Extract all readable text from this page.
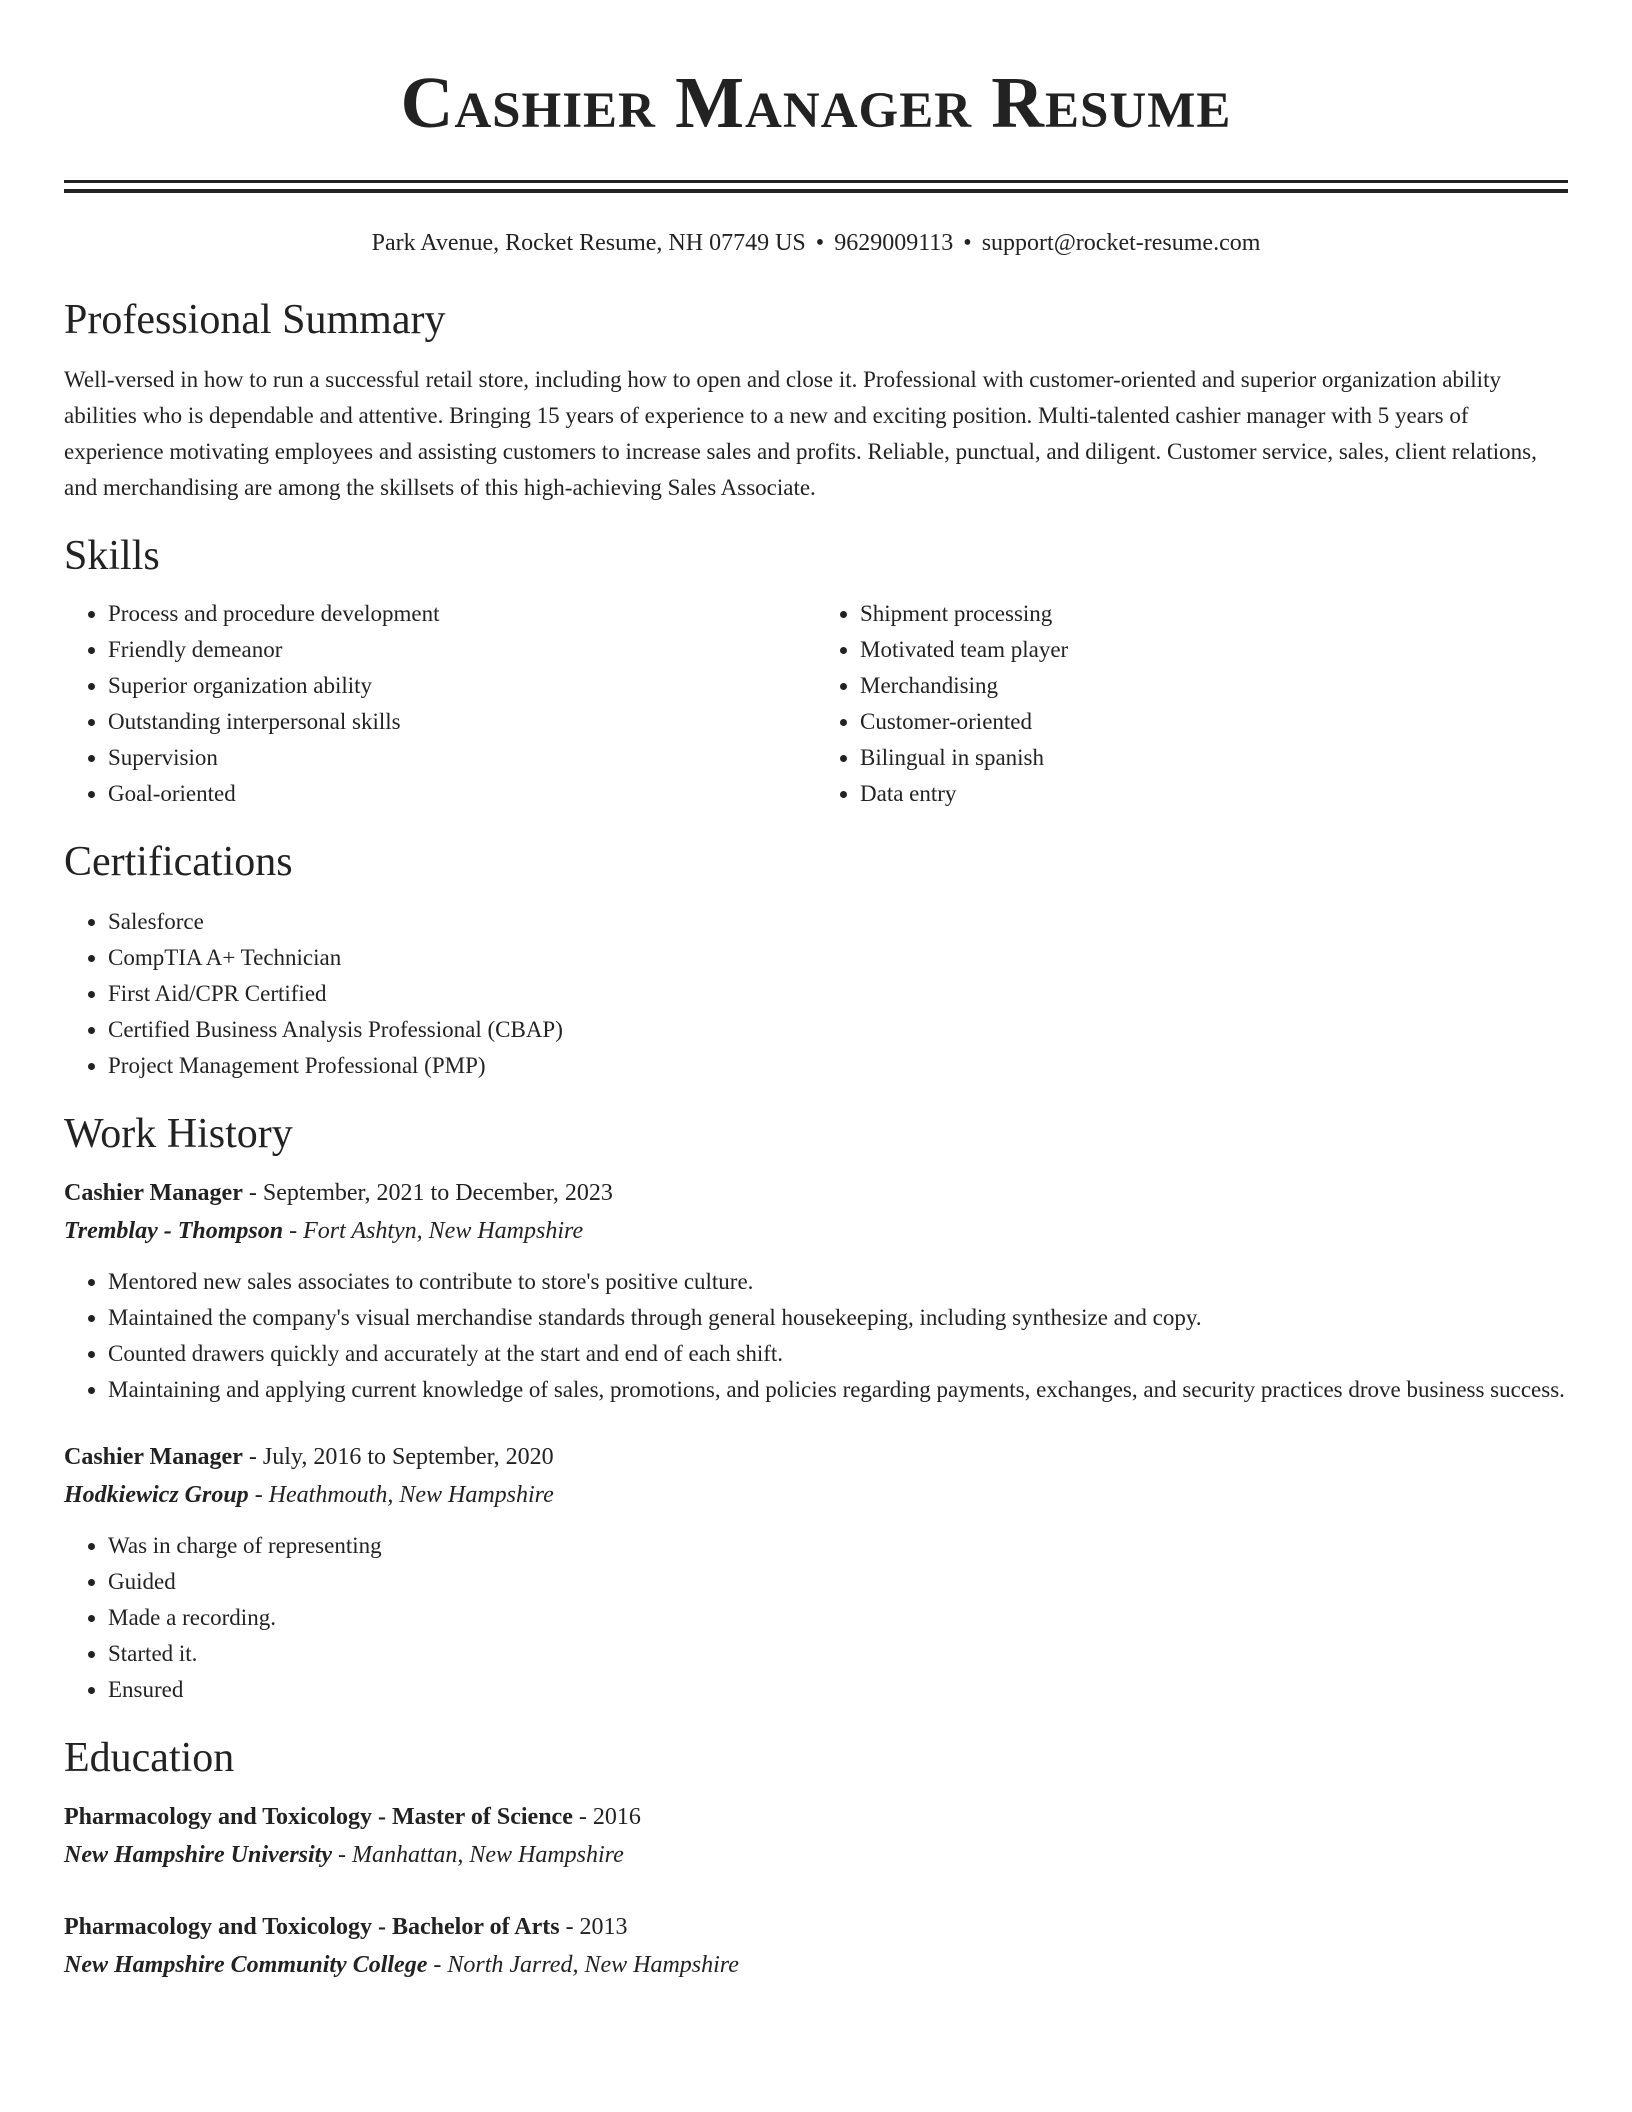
Cashier Manager Resume
Park Avenue, Rocket Resume, NH 07749 US • 9629009113 • support@rocket-resume.com
Professional Summary

Well-versed in how to run a successful retail store, including how to open and close it. Professional with customer-oriented and superior organization ability abilities who is dependable and attentive. Bringing 15 years of experience to a new and exciting position. Multi-talented cashier manager with 5 years of experience motivating employees and assisting customers to increase sales and profits. Reliable, punctual, and diligent. Customer service, sales, client relations, and merchandising are among the skillsets of this high-achieving Sales Associate.

Skills
• Process and procedure development
• Friendly demeanor
• Superior organization ability
• Outstanding interpersonal skills
• Supervision
• Goal-oriented
• Shipment processing
• Motivated team player
• Merchandising
• Customer-oriented
• Bilingual in spanish
• Data entry
Certifications
• Salesforce
• CompTIA A+ Technician
• First Aid/CPR Certified
• Certified Business Analysis Professional (CBAP)
• Project Management Professional (PMP)
Work History
Cashier Manager - September, 2021 to December, 2023
Tremblay - Thompson - Fort Ashtyn, New Hampshire
• Mentored new sales associates to contribute to store's positive culture.
• Maintained the company's visual merchandise standards through general housekeeping, including synthesize and copy.
• Counted drawers quickly and accurately at the start and end of each shift.
• Maintaining and applying current knowledge of sales, promotions, and policies regarding payments, exchanges, and security practices drove business success.
Cashier Manager - July, 2016 to September, 2020
Hodkiewicz Group - Heathmouth, New Hampshire
• Was in charge of representing
• Guided
• Made a recording.
• Started it.
• Ensured
Education
Pharmacology and Toxicology - Master of Science - 2016
New Hampshire University - Manhattan, New Hampshire
Pharmacology and Toxicology - Bachelor of Arts - 2013
New Hampshire Community College - North Jarred, New Hampshire
